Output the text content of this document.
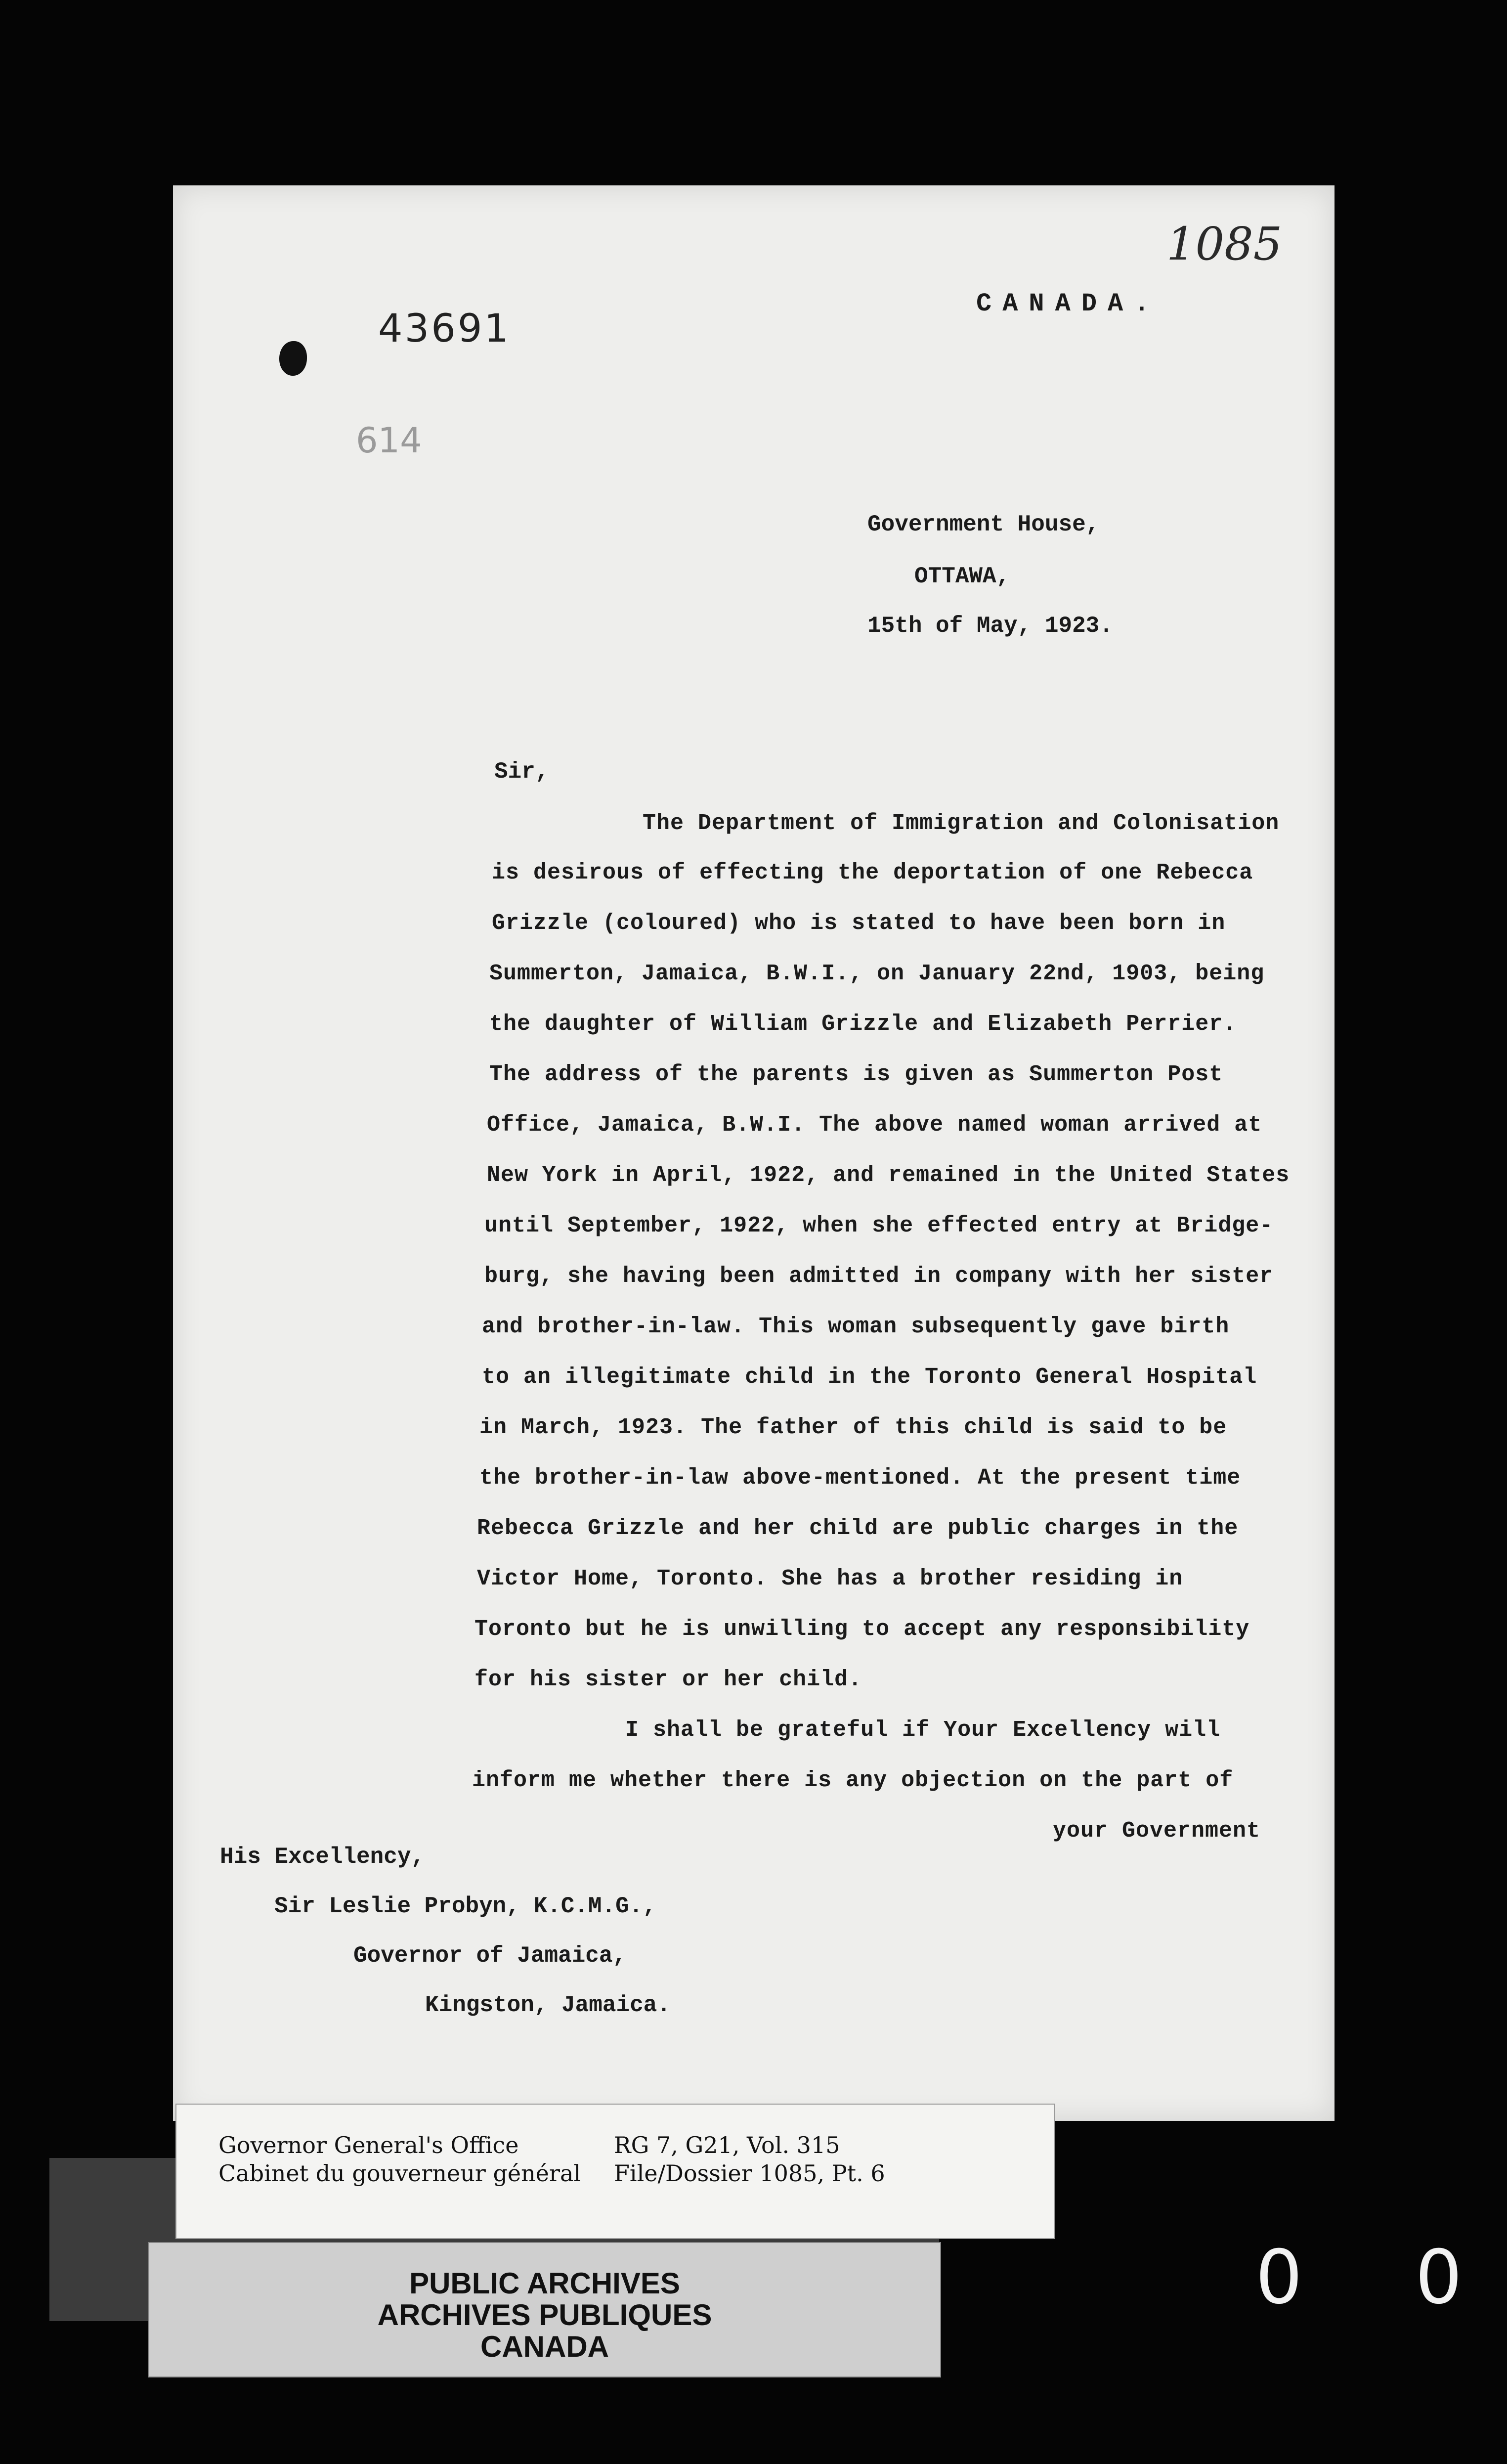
1085
43691
614
CANADA.
Government House,
OTTAWA,
15th of May, 1923.
Sir,
The Department of Immigration and Colonisation
is desirous of effecting the deportation of one Rebecca
Grizzle (coloured) who is stated to have been born in
Summerton, Jamaica, B.W.I., on January 22nd, 1903, being
the daughter of William Grizzle and Elizabeth Perrier.
The address of the parents is given as Summerton Post
Office, Jamaica, B.W.I. The above named woman arrived at
New York in April, 1922, and remained in the United States
until September, 1922, when she effected entry at Bridge-
burg, she having been admitted in company with her sister
and brother-in-law. This woman subsequently gave birth
to an illegitimate child in the Toronto General Hospital
in March, 1923. The father of this child is said to be
the brother-in-law above-mentioned. At the present time
Rebecca Grizzle and her child are public charges in the
Victor Home, Toronto. She has a brother residing in
Toronto but he is unwilling to accept any responsibility
for his sister or her child.
I shall be grateful if Your Excellency will
inform me whether there is any objection on the part of
your Government
His Excellency,
Sir Leslie Probyn, K.C.M.G.,
Governor of Jamaica,
Kingston, Jamaica.
Governor General's Office
Cabinet du gouverneur général
RG 7, G21, Vol. 315
File/Dossier 1085, Pt. 6
PUBLIC ARCHIVES
ARCHIVES PUBLIQUES
CANADA
0 0
